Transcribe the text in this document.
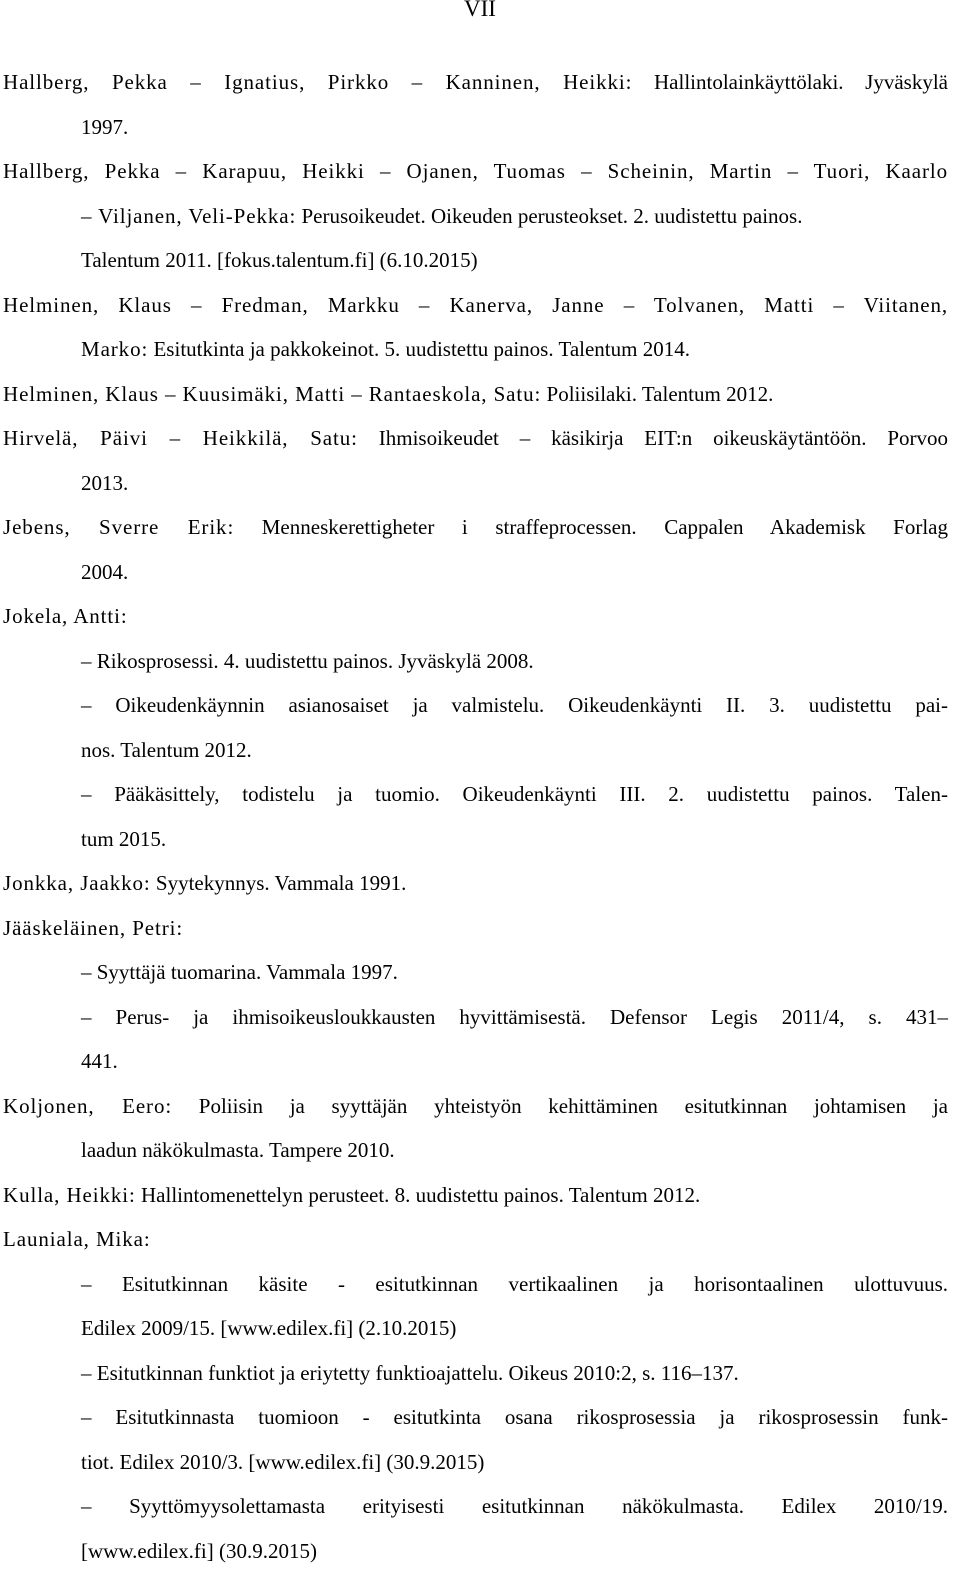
VII
Hallberg, Pekka – Ignatius, Pirkko – Kanninen, Heikki: Hallintolainkäyttölaki. Jyväskylä
1997.
Hallberg, Pekka – Karapuu, Heikki – Ojanen, Tuomas – Scheinin, Martin – Tuori, Kaarlo
– Viljanen, Veli-Pekka: Perusoikeudet. Oikeuden perusteokset. 2. uudistettu painos.
Talentum 2011. [fokus.talentum.fi] (6.10.2015)
Helminen, Klaus – Fredman, Markku – Kanerva, Janne – Tolvanen, Matti – Viitanen,
Marko: Esitutkinta ja pakkokeinot. 5. uudistettu painos. Talentum 2014.
Helminen, Klaus – Kuusimäki, Matti – Rantaeskola, Satu: Poliisilaki. Talentum 2012.
Hirvelä, Päivi – Heikkilä, Satu: Ihmisoikeudet – käsikirja EIT:n oikeuskäytäntöön. Porvoo
2013.
Jebens, Sverre Erik: Menneskerettigheter i straffeprocessen. Cappalen Akademisk Forlag
2004.
Jokela, Antti:
– Rikosprosessi. 4. uudistettu painos. Jyväskylä 2008.
– Oikeudenkäynnin asianosaiset ja valmistelu. Oikeudenkäynti II. 3. uudistettu pai-
nos. Talentum 2012.
– Pääkäsittely, todistelu ja tuomio. Oikeudenkäynti III. 2. uudistettu painos. Talen-
tum 2015.
Jonkka, Jaakko: Syytekynnys. Vammala 1991.
Jääskeläinen, Petri:
– Syyttäjä tuomarina. Vammala 1997.
– Perus- ja ihmisoikeusloukkausten hyvittämisestä. Defensor Legis 2011/4, s. 431–
441.
Koljonen, Eero: Poliisin ja syyttäjän yhteistyön kehittäminen esitutkinnan johtamisen ja
laadun näkökulmasta. Tampere 2010.
Kulla, Heikki: Hallintomenettelyn perusteet. 8. uudistettu painos. Talentum 2012.
Launiala, Mika:
– Esitutkinnan käsite - esitutkinnan vertikaalinen ja horisontaalinen ulottuvuus.
Edilex 2009/15. [www.edilex.fi] (2.10.2015)
– Esitutkinnan funktiot ja eriytetty funktioajattelu. Oikeus 2010:2, s. 116–137.
– Esitutkinnasta tuomioon - esitutkinta osana rikosprosessia ja rikosprosessin funk-
tiot. Edilex 2010/3. [www.edilex.fi] (30.9.2015)
– Syyttömyysolettamasta erityisesti esitutkinnan näkökulmasta. Edilex 2010/19.
[www.edilex.fi] (30.9.2015)
